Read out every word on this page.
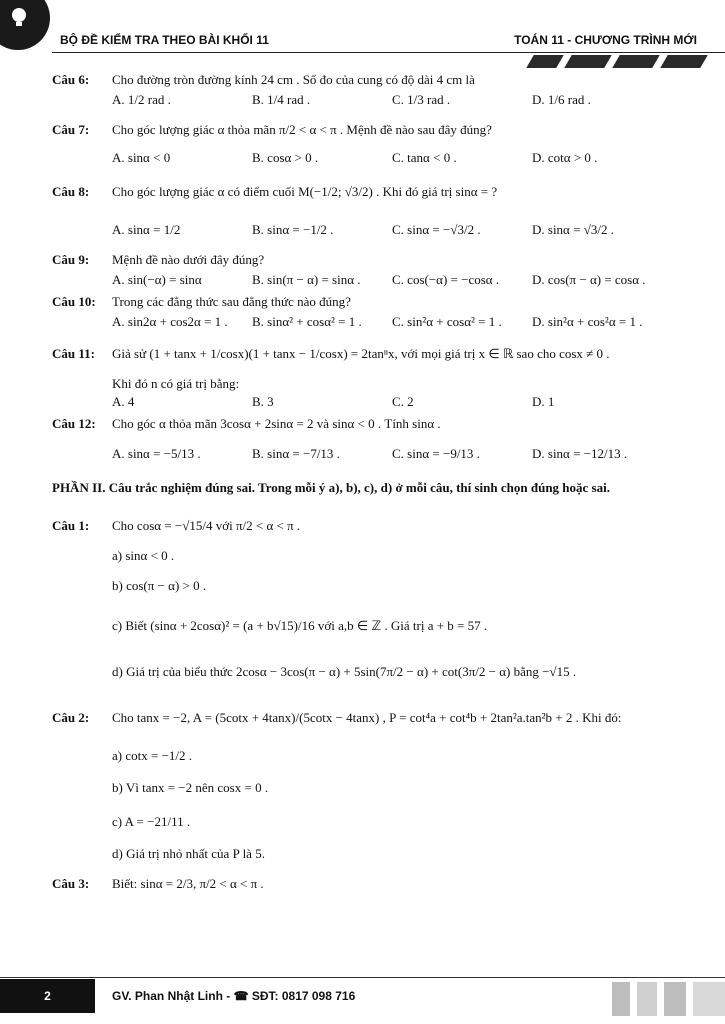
BỘ ĐỀ KIỂM TRA THEO BÀI KHỐI 11	TOÁN 11 - CHƯƠNG TRÌNH MỚI
Câu 6:	Cho đường tròn đường kính 24 cm . Số đo của cung có độ dài 4 cm là
A. 1/2 rad .	B. 1/4 rad .	C. 1/3 rad .	D. 1/6 rad .
Câu 7:	Cho góc lượng giác α thỏa mãn π/2 < α < π . Mệnh đề nào sau đây đúng?
A. sinα < 0	B. cosα > 0 .	C. tanα < 0 .	D. cotα > 0 .
Câu 8:	Cho góc lượng giác α có điểm cuối M(−1/2; √3/2) . Khi đó giá trị sinα = ?
A. sinα = 1/2	B. sinα = −1/2 .	C. sinα = −√3/2 .	D. sinα = √3/2 .
Câu 9:	Mệnh đề nào dưới đây đúng?
A. sin(−α) = sinα	B. sin(π − α) = sinα .	C. cos(−α) = −cosα .	D. cos(π − α) = cosα .
Câu 10:	Trong các đẳng thức sau đẳng thức nào đúng?
A. sin2α + cos2α = 1 .	B. sinα² + cosα² = 1 .	C. sin²α + cosα² = 1 .	D. sin²α + cos²α = 1 .
Câu 11:	Giả sử (1 + tanx + 1/cosx)(1 + tanx − 1/cosx) = 2tanⁿx, với mọi giá trị x ∈ ℝ sao cho cosx ≠ 0 .
Khi đó n có giá trị bằng:
A. 4	B. 3	C. 2	D. 1
Câu 12:	Cho góc α thỏa mãn 3cosα + 2sinα = 2 và sinα < 0 . Tính sinα .
A. sinα = −5/13 .	B. sinα = −7/13 .	C. sinα = −9/13 .	D. sinα = −12/13 .
PHẦN II. Câu trắc nghiệm đúng sai. Trong mỗi ý a), b), c), d) ở mỗi câu, thí sinh chọn đúng hoặc sai.
Câu 1:	Cho cosα = −√15/4 với π/2 < α < π .
a) sinα < 0 .
b) cos(π − α) > 0 .
c) Biết (sinα + 2cosα)² = (a + b√15)/16 với a,b ∈ ℤ . Giá trị a + b = 57 .
d) Giá trị của biểu thức 2cosα − 3cos(π − α) + 5sin(7π/2 − α) + cot(3π/2 − α) bằng −√15 .
Câu 2:	Cho tanx = −2, A = (5cotx + 4tanx)/(5cotx − 4tanx) , P = cot⁴a + cot⁴b + 2tan²a.tan²b + 2 . Khi đó:
a) cotx = −1/2 .
b) Vì tanx = −2 nên cosx = 0 .
c) A = −21/11 .
d) Giá trị nhỏ nhất của P là 5.
Câu 3:	Biết: sinα = 2/3, π/2 < α < π .
2	GV. Phan Nhật Linh - ☎ SĐT: 0817 098 716
